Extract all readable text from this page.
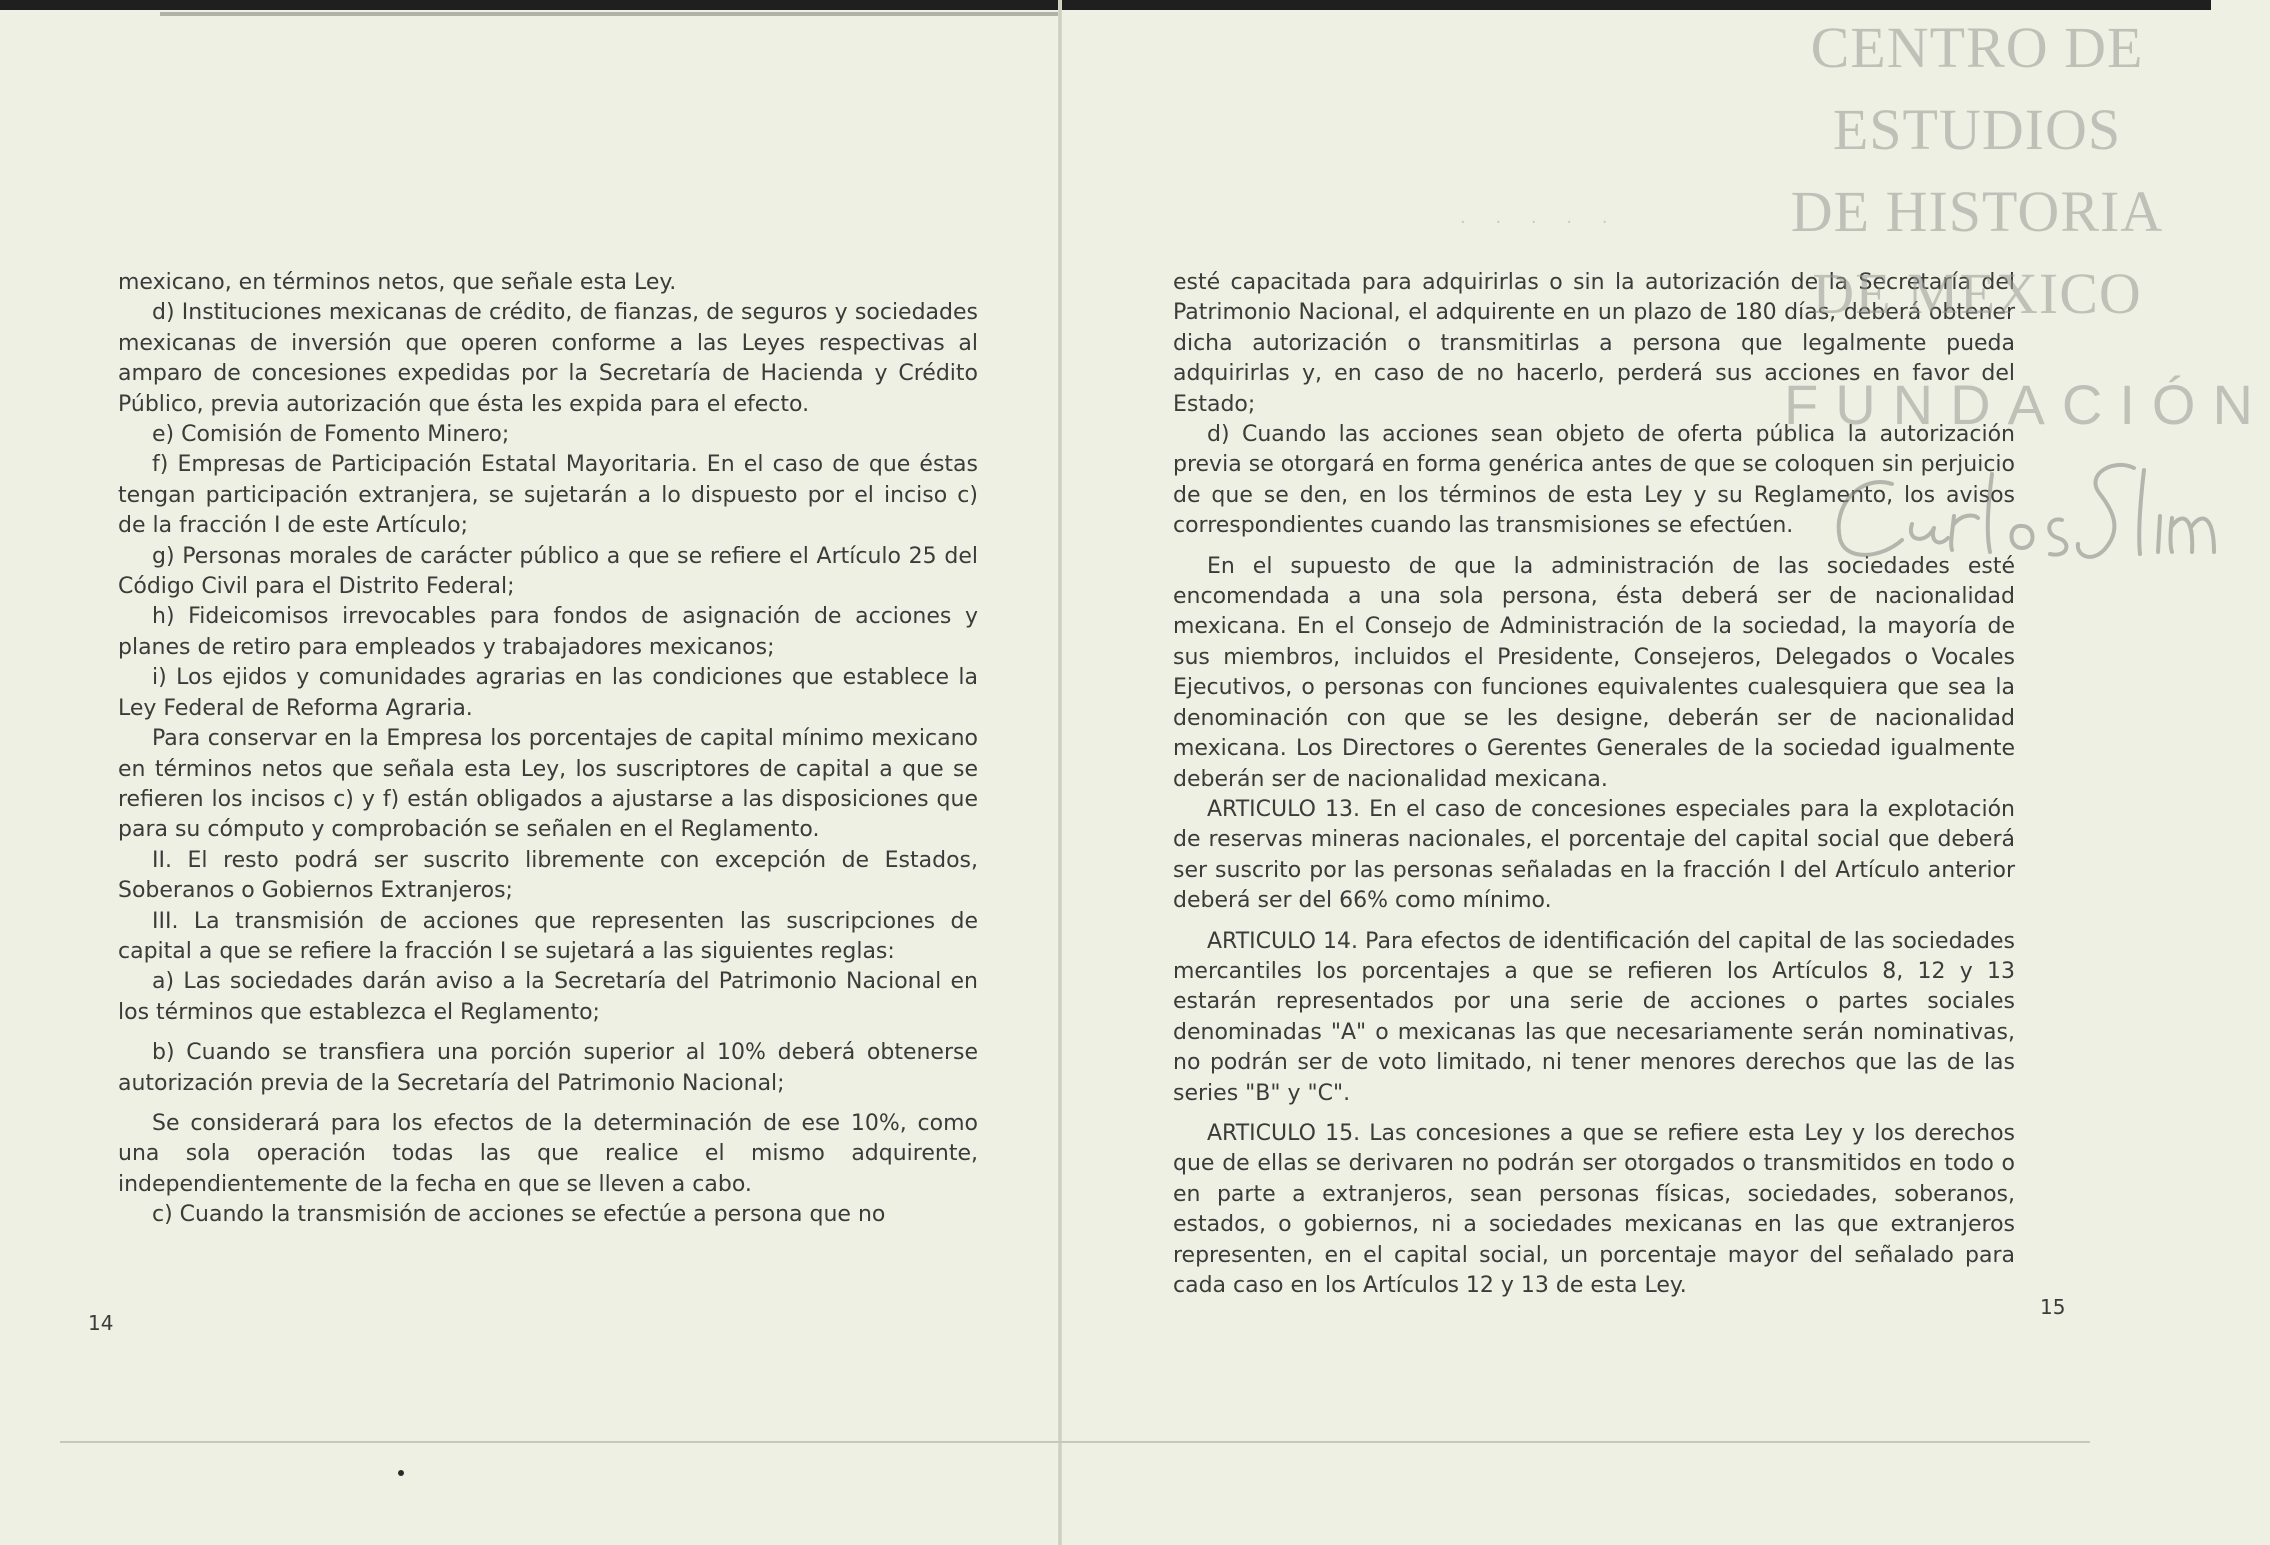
mexicano, en términos netos, que señale esta Ley.

d) Instituciones mexicanas de crédito, de fianzas, de seguros y sociedades mexicanas de inversión que operen conforme a las Leyes respectivas al amparo de concesiones expedidas por la Secretaría de Hacienda y Crédito Público, previa autorización que ésta les expida para el efecto.

e) Comisión de Fomento Minero;

f) Empresas de Participación Estatal Mayoritaria. En el caso de que éstas tengan participación extranjera, se sujetarán a lo dispuesto por el inciso c) de la fracción I de este Artículo;

g) Personas morales de carácter público a que se refiere el Artículo 25 del Código Civil para el Distrito Federal;

h) Fideicomisos irrevocables para fondos de asignación de acciones y planes de retiro para empleados y trabajadores mexicanos;

i) Los ejidos y comunidades agrarias en las condiciones que establece la Ley Federal de Reforma Agraria.

Para conservar en la Empresa los porcentajes de capital mínimo mexicano en términos netos que señala esta Ley, los suscriptores de capital a que se refieren los incisos c) y f) están obligados a ajustarse a las disposiciones que para su cómputo y comprobación se señalen en el Reglamento.

II. El resto podrá ser suscrito libremente con excepción de Estados, Soberanos o Gobiernos Extranjeros;

III. La transmisión de acciones que representen las suscripciones de capital a que se refiere la fracción I se sujetará a las siguientes reglas:

a) Las sociedades darán aviso a la Secretaría del Patrimonio Nacional en los términos que establezca el Reglamento;

b) Cuando se transfiera una porción superior al 10% deberá obtenerse autorización previa de la Secretaría del Patrimonio Nacional;

Se considerará para los efectos de la determinación de ese 10%, como una sola operación todas las que realice el mismo adquirente, independientemente de la fecha en que se lleven a cabo.

c) Cuando la transmisión de acciones se efectúe a persona que no

14

esté capacitada para adquirirlas o sin la autorización de la Secretaría del Patrimonio Nacional, el adquirente en un plazo de 180 días, deberá obtener dicha autorización o transmitirlas a persona que legalmente pueda adquirirlas y, en caso de no hacerlo, perderá sus acciones en favor del Estado;

d) Cuando las acciones sean objeto de oferta pública la autorización previa se otorgará en forma genérica antes de que se coloquen sin perjuicio de que se den, en los términos de esta Ley y su Reglamento, los avisos correspondientes cuando las transmisiones se efectúen.

En el supuesto de que la administración de las sociedades esté encomendada a una sola persona, ésta deberá ser de nacionalidad mexicana. En el Consejo de Administración de la sociedad, la mayoría de sus miembros, incluidos el Presidente, Consejeros, Delegados o Vocales Ejecutivos, o personas con funciones equivalentes cualesquiera que sea la denominación con que se les designe, deberán ser de nacionalidad mexicana. Los Directores o Gerentes Generales de la sociedad igualmente deberán ser de nacionalidad mexicana.

ARTICULO 13. En el caso de concesiones especiales para la explotación de reservas mineras nacionales, el porcentaje del capital social que deberá ser suscrito por las personas señaladas en la fracción I del Artículo anterior deberá ser del 66% como mínimo.

ARTICULO 14. Para efectos de identificación del capital de las sociedades mercantiles los porcentajes a que se refieren los Artículos 8, 12 y 13 estarán representados por una serie de acciones o partes sociales denominadas "A" o mexicanas las que necesariamente serán nominativas, no podrán ser de voto limitado, ni tener menores derechos que las de las series "B" y "C".

ARTICULO 15. Las concesiones a que se refiere esta Ley y los derechos que de ellas se derivaren no podrán ser otorgados o transmitidos en todo o en parte a extranjeros, sean personas físicas, sociedades, soberanos, estados, o gobiernos, ni a sociedades mexicanas en las que extranjeros representen, en el capital social, un porcentaje mayor del señalado para cada caso en los Artículos 12 y 13 de esta Ley.

15
· · · · ·
CENTRO DE
ESTUDIOS
DE HISTORIA
DE MEXICO
FUNDACIÓN
